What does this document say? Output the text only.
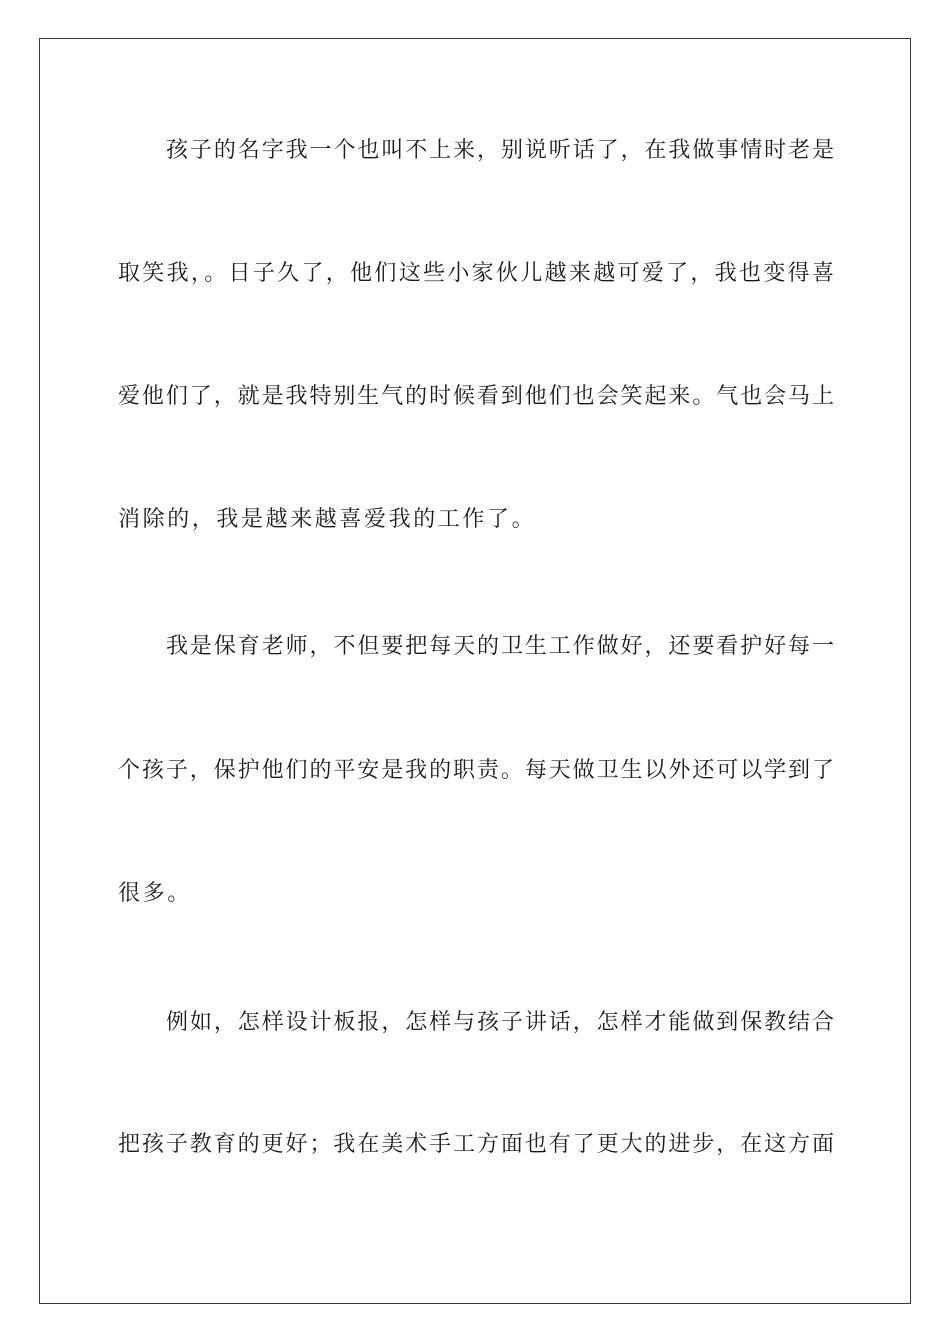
孩子的名字我一个也叫不上来，别说听话了，在我做事情时老是
取笑我，。日子久了，他们这些小家伙儿越来越可爱了，我也变得喜
爱他们了，就是我特别生气的时候看到他们也会笑起来。气也会马上
消除的，我是越来越喜爱我的工作了。
我是保育老师，不但要把每天的卫生工作做好，还要看护好每一
个孩子，保护他们的平安是我的职责。每天做卫生以外还可以学到了
很多。
例如，怎样设计板报，怎样与孩子讲话，怎样才能做到保教结合
把孩子教育的更好；我在美术手工方面也有了更大的进步，在这方面
